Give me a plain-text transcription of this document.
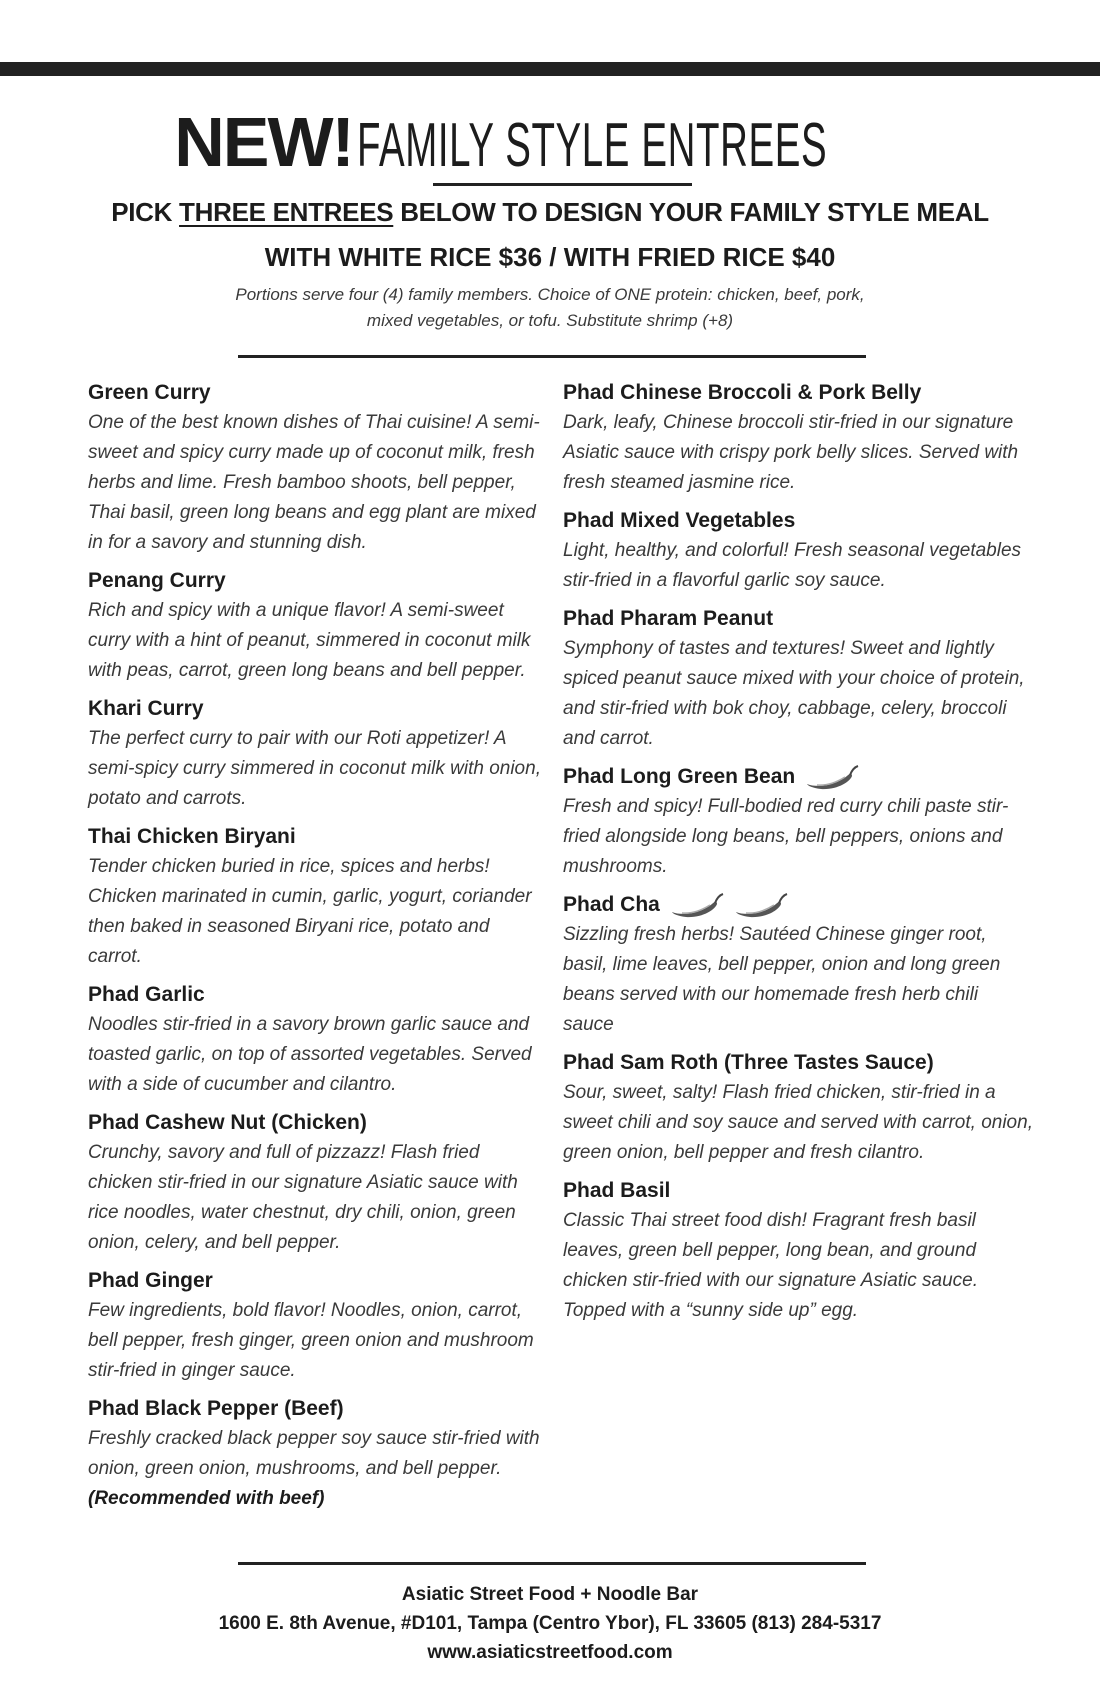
NEW! FAMILY STYLE ENTREES
PICK THREE ENTREES BELOW TO DESIGN YOUR FAMILY STYLE MEAL
WITH WHITE RICE $36 / WITH FRIED RICE $40
Portions serve four (4) family members. Choice of ONE protein: chicken, beef, pork,
mixed vegetables, or tofu. Substitute shrimp (+8)
Green Curry
One of the best known dishes of Thai cuisine! A semi-sweet and spicy curry made up of coconut milk, fresh herbs and lime. Fresh bamboo shoots, bell pepper, Thai basil, green long beans and egg plant are mixed in for a savory and stunning dish.
Penang Curry
Rich and spicy with a unique flavor! A semi-sweet curry with a hint of peanut, simmered in coconut milk with peas, carrot, green long beans and bell pepper.
Khari Curry
The perfect curry to pair with our Roti appetizer! A semi-spicy curry simmered in coconut milk with onion, potato and carrots.
Thai Chicken Biryani
Tender chicken buried in rice, spices and herbs! Chicken marinated in cumin, garlic, yogurt, coriander then baked in seasoned Biryani rice, potato and carrot.
Phad Garlic
Noodles stir-fried in a savory brown garlic sauce and toasted garlic, on top of assorted vegetables. Served with a side of cucumber and cilantro.
Phad Cashew Nut (Chicken)
Crunchy, savory and full of pizzazz! Flash fried chicken stir-fried in our signature Asiatic sauce with rice noodles, water chestnut, dry chili, onion, green onion, celery, and bell pepper.
Phad Ginger
Few ingredients, bold flavor! Noodles, onion, carrot, bell pepper, fresh ginger, green onion and mushroom stir-fried in ginger sauce.
Phad Black Pepper (Beef)
Freshly cracked black pepper soy sauce stir-fried with onion, green onion, mushrooms, and bell pepper. (Recommended with beef)
Phad Chinese Broccoli & Pork Belly
Dark, leafy, Chinese broccoli stir-fried in our signature Asiatic sauce with crispy pork belly slices. Served with fresh steamed jasmine rice.
Phad Mixed Vegetables
Light, healthy, and colorful! Fresh seasonal vegetables stir-fried in a flavorful garlic soy sauce.
Phad Pharam Peanut
Symphony of tastes and textures! Sweet and lightly spiced peanut sauce mixed with your choice of protein, and stir-fried with bok choy, cabbage, celery, broccoli and carrot.
Phad Long Green Bean
Fresh and spicy! Full-bodied red curry chili paste stir-fried alongside long beans, bell peppers, onions and mushrooms.
Phad Cha
Sizzling fresh herbs! Sautéed Chinese ginger root, basil, lime leaves, bell pepper, onion and long green beans served with our homemade fresh herb chili sauce
Phad Sam Roth (Three Tastes Sauce)
Sour, sweet, salty! Flash fried chicken, stir-fried in a sweet chili and soy sauce and served with carrot, onion, green onion, bell pepper and fresh cilantro.
Phad Basil
Classic Thai street food dish! Fragrant fresh basil leaves, green bell pepper, long bean, and ground chicken stir-fried with our signature Asiatic sauce. Topped with a “sunny side up” egg.
Asiatic Street Food + Noodle Bar
1600 E. 8th Avenue, #D101, Tampa (Centro Ybor), FL 33605 (813) 284-5317
www.asiaticstreetfood.com
